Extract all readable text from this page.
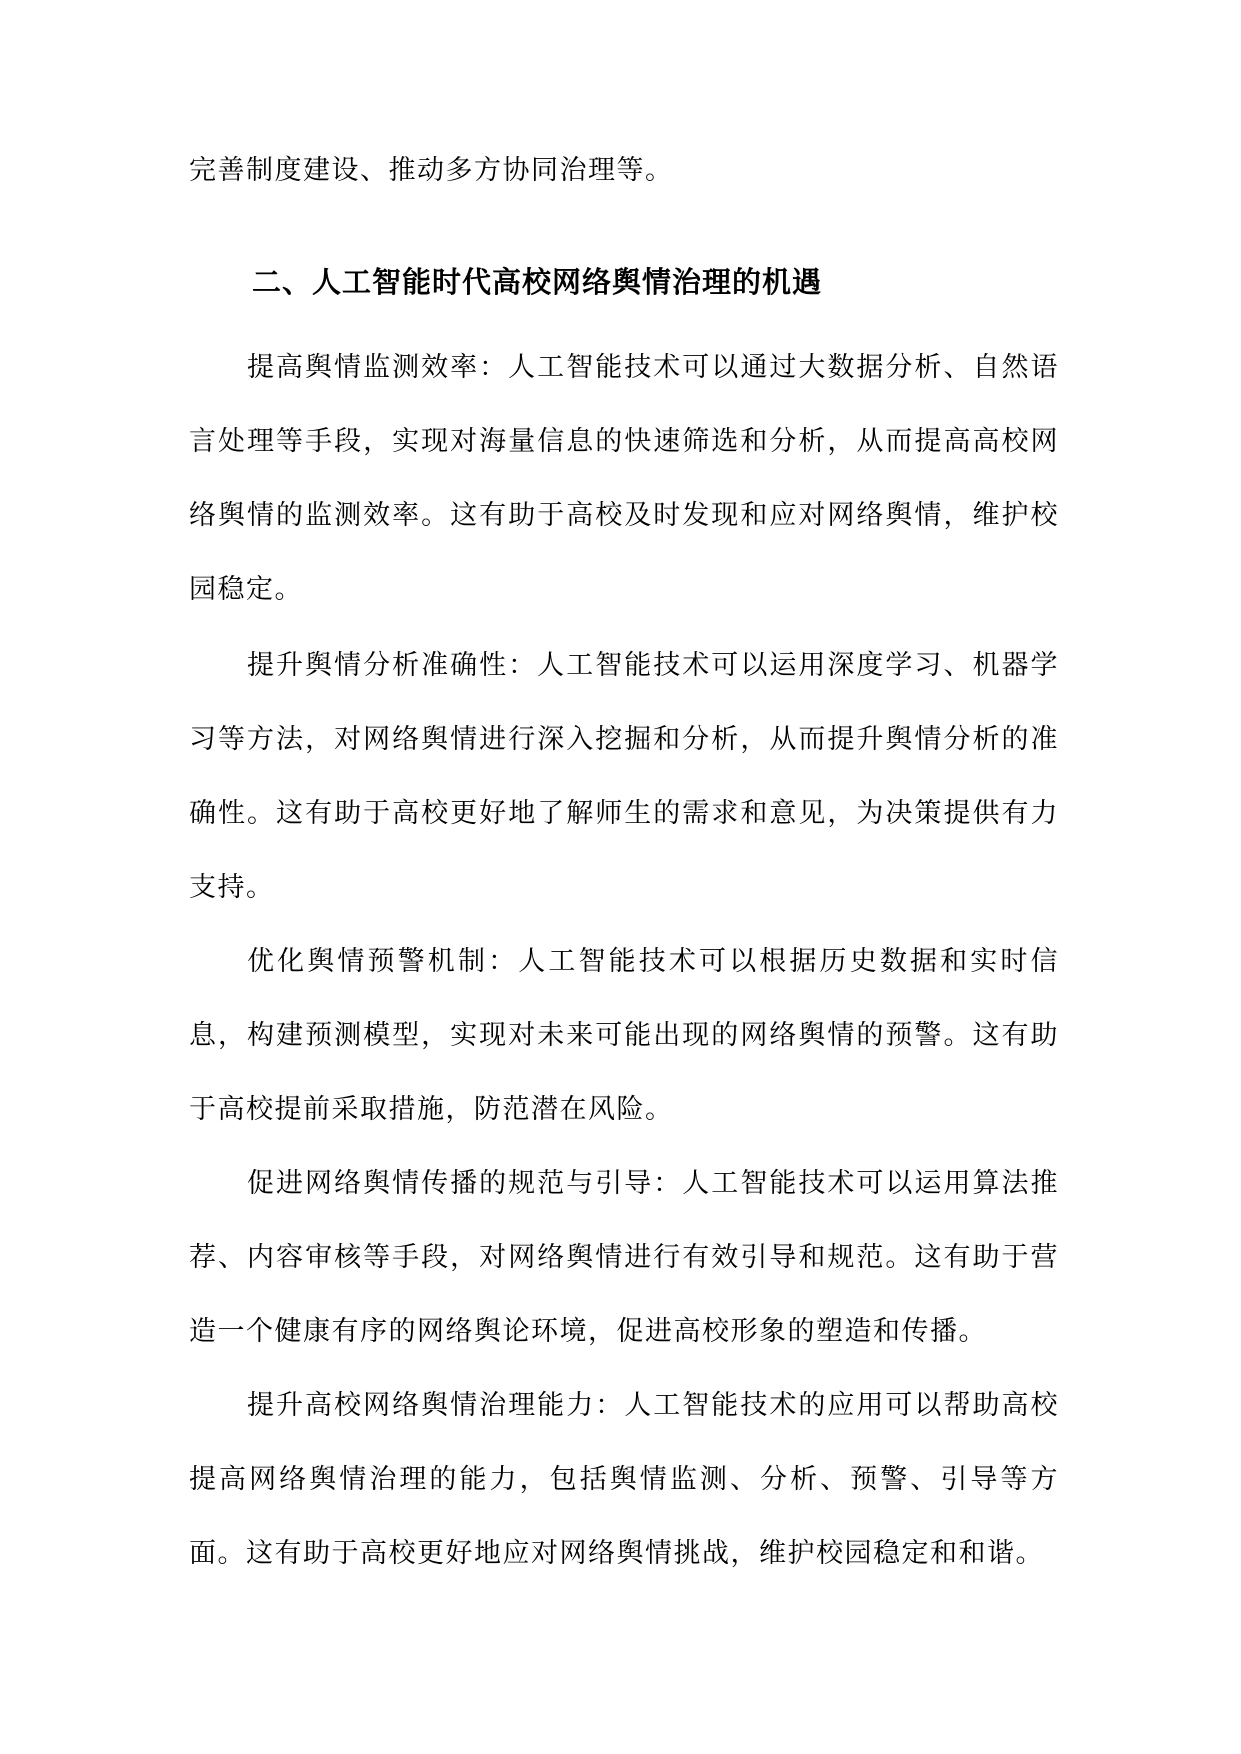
完善制度建设、推动多方协同治理等。

二、人工智能时代高校网络舆情治理的机遇

提高舆情监测效率：人工智能技术可以通过大数据分析、自然语言处理等手段，实现对海量信息的快速筛选和分析，从而提高高校网络舆情的监测效率。这有助于高校及时发现和应对网络舆情，维护校园稳定。

提升舆情分析准确性：人工智能技术可以运用深度学习、机器学习等方法，对网络舆情进行深入挖掘和分析，从而提升舆情分析的准确性。这有助于高校更好地了解师生的需求和意见，为决策提供有力支持。

优化舆情预警机制：人工智能技术可以根据历史数据和实时信息，构建预测模型，实现对未来可能出现的网络舆情的预警。这有助于高校提前采取措施，防范潜在风险。

促进网络舆情传播的规范与引导：人工智能技术可以运用算法推荐、内容审核等手段，对网络舆情进行有效引导和规范。这有助于营造一个健康有序的网络舆论环境，促进高校形象的塑造和传播。

提升高校网络舆情治理能力：人工智能技术的应用可以帮助高校提高网络舆情治理的能力，包括舆情监测、分析、预警、引导等方面。这有助于高校更好地应对网络舆情挑战，维护校园稳定和和谐。
